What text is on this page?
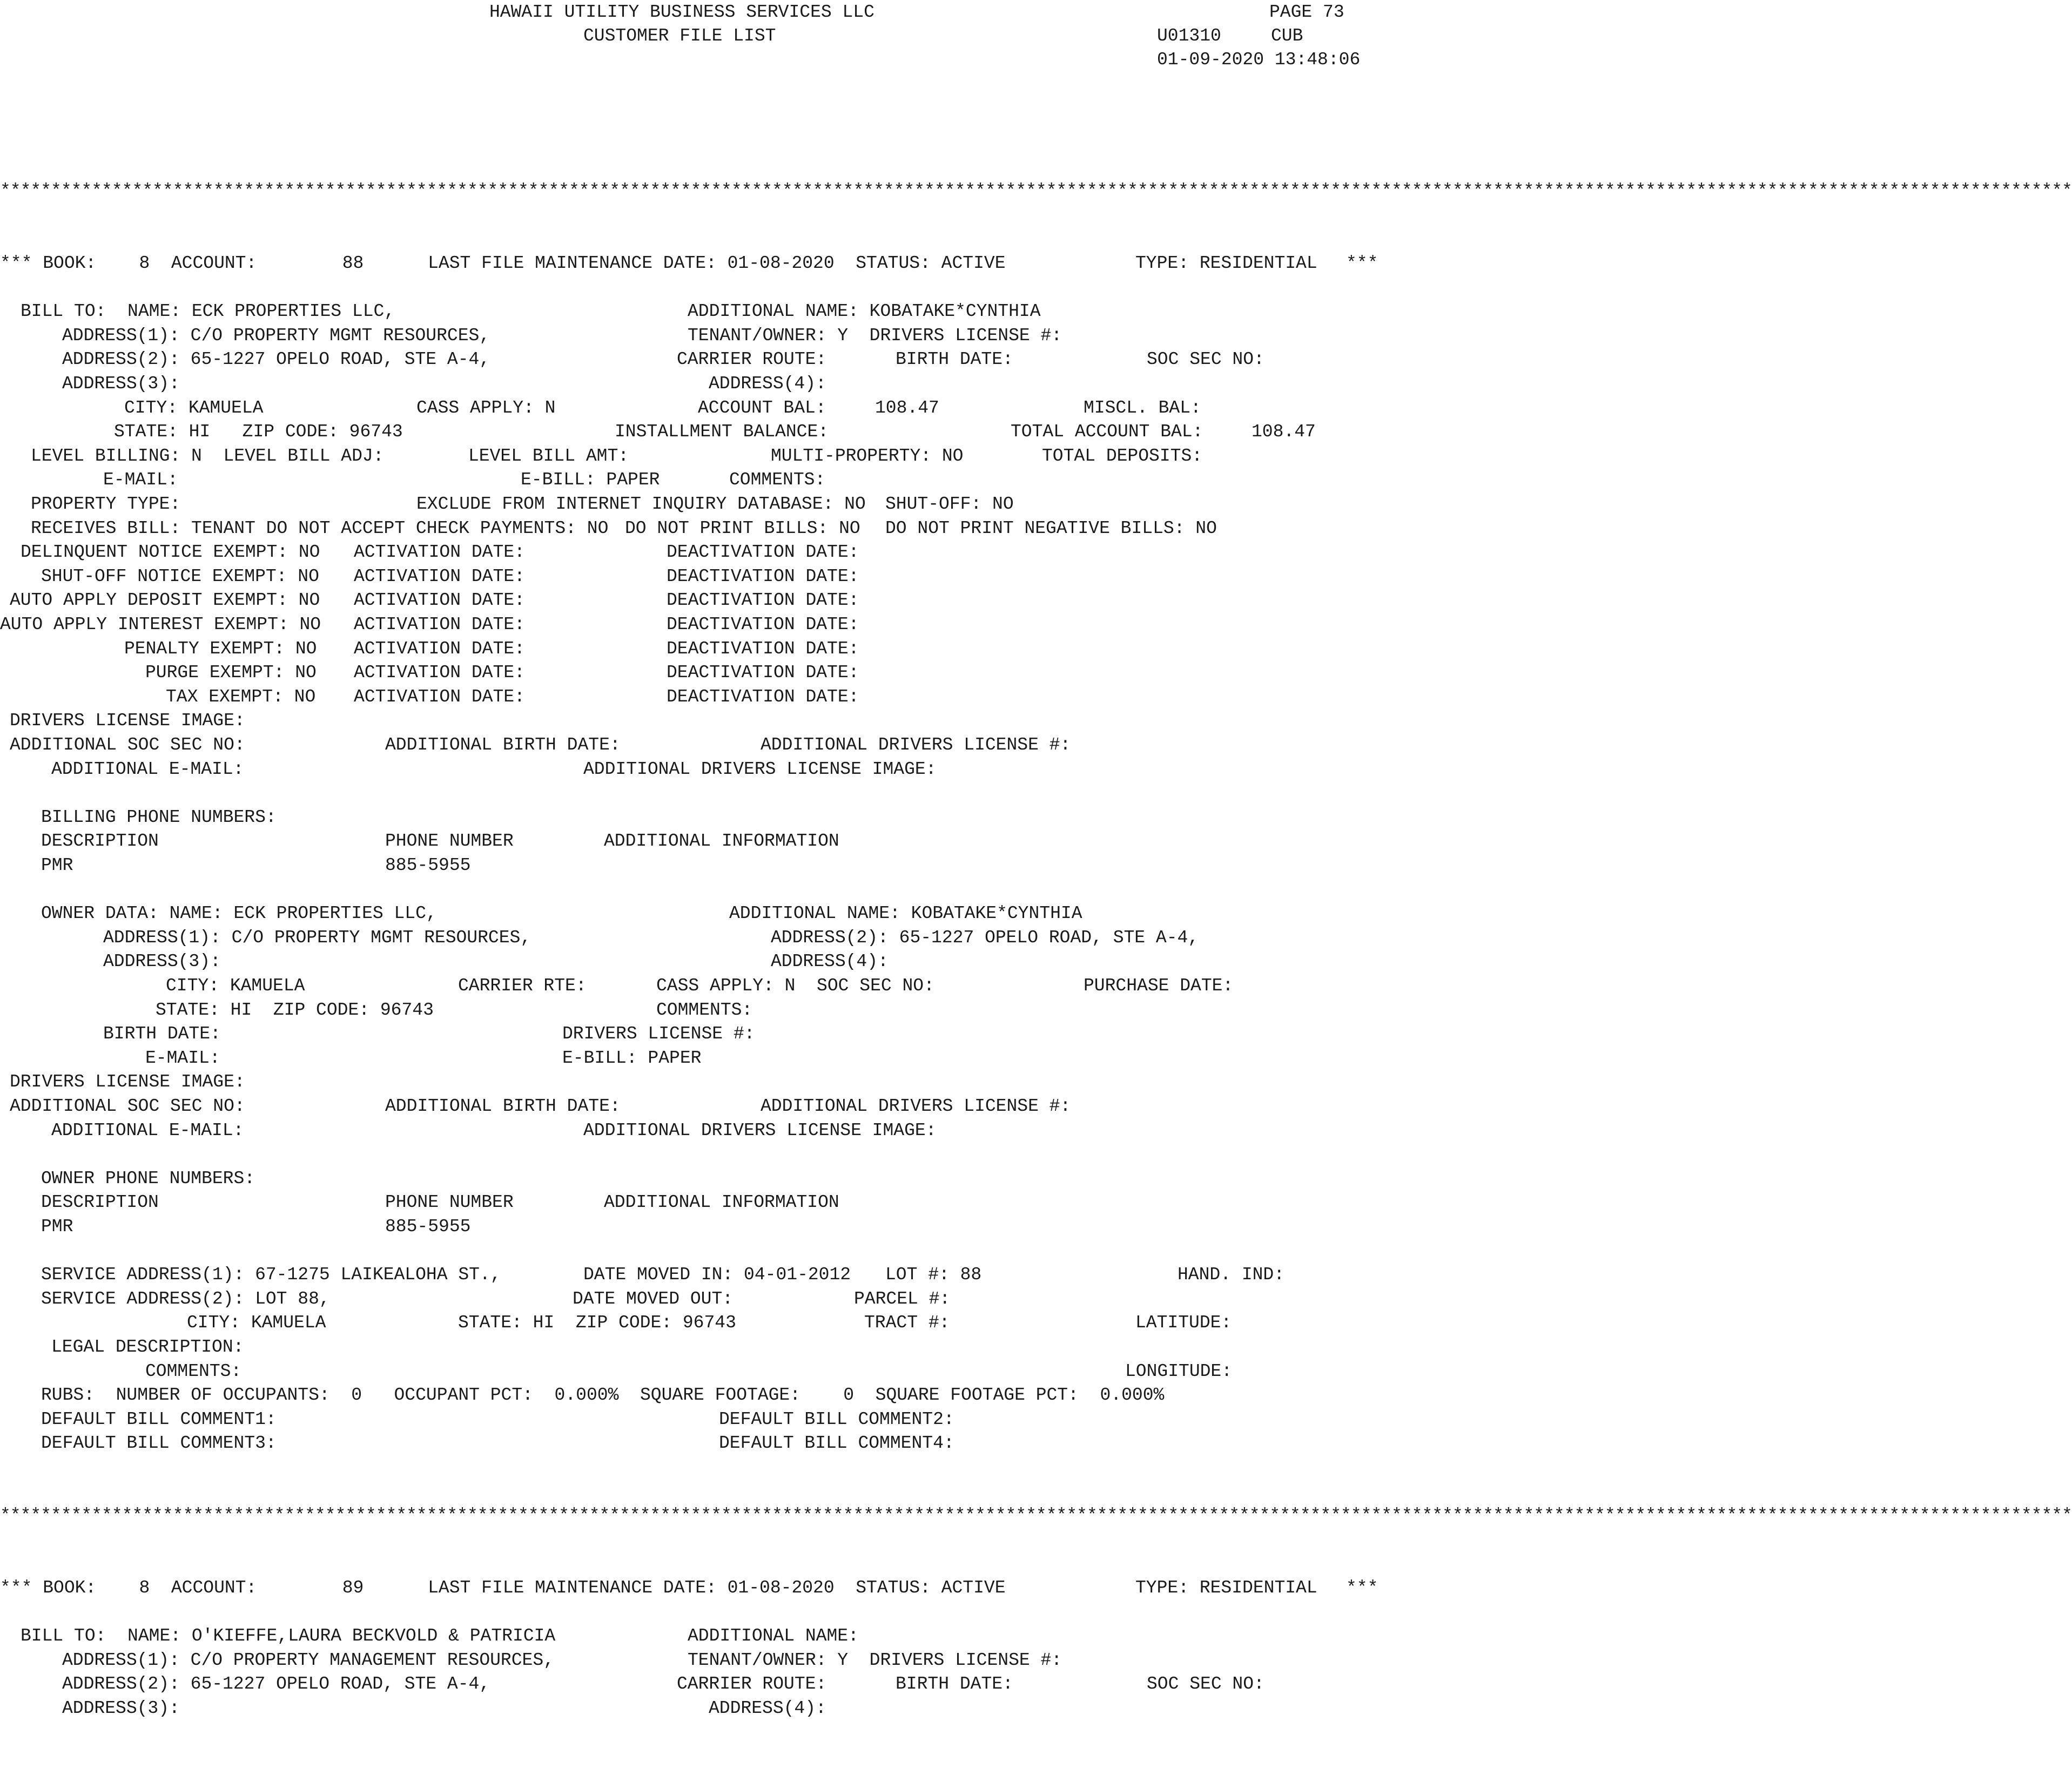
HAWAII UTILITY BUSINESS SERVICES LLC
CUSTOMER FILE LIST
PAGE 73
U01310	CUB
01-09-2020 13:48:06
************************************************************************************************************************************************************************************************************
************************************************************************************************************************************************************************************************************
*** BOOK:    8  ACCOUNT:        88      LAST FILE MAINTENANCE DATE: 01-08-2020  STATUS: ACTIVE	TYPE: RESIDENTIAL ***
BILL TO:  NAME: ECK PROPERTIES LLC,	ADDITIONAL NAME: KOBATAKE*CYNTHIA
ADDRESS(1): C/O PROPERTY MGMT RESOURCES,	TENANT/OWNER: Y  DRIVERS LICENSE #:
ADDRESS(2): 65-1227 OPELO ROAD, STE A-4,	CARRIER ROUTE:	BIRTH DATE:	SOC SEC NO:
ADDRESS(3):	ADDRESS(4):
CITY: KAMUELA	CASS APPLY: N	ACCOUNT BAL:	108.47	MISCL. BAL:
STATE: HI   ZIP CODE: 96743	INSTALLMENT BALANCE:	TOTAL ACCOUNT BAL:	108.47
LEVEL BILLING: N  LEVEL BILL ADJ:	LEVEL BILL AMT:	MULTI-PROPERTY: NO	TOTAL DEPOSITS:
E-MAIL:	E-BILL: PAPER	COMMENTS:
PROPERTY TYPE:	EXCLUDE FROM INTERNET INQUIRY DATABASE: NO SHUT-OFF: NO
RECEIVES BILL: TENANT DO NOT ACCEPT CHECK PAYMENTS: NO DO NOT PRINT BILLS: NO DO NOT PRINT NEGATIVE BILLS: NO
DELINQUENT NOTICE EXEMPT: NO ACTIVATION DATE:	DEACTIVATION DATE:
SHUT-OFF NOTICE EXEMPT: NO ACTIVATION DATE:	DEACTIVATION DATE:
AUTO APPLY DEPOSIT EXEMPT: NO ACTIVATION DATE:	DEACTIVATION DATE:
AUTO APPLY INTEREST EXEMPT: NO ACTIVATION DATE:	DEACTIVATION DATE:
PENALTY EXEMPT: NO ACTIVATION DATE:	DEACTIVATION DATE:
PURGE EXEMPT: NO ACTIVATION DATE:	DEACTIVATION DATE:
TAX EXEMPT: NO ACTIVATION DATE:	DEACTIVATION DATE:
DRIVERS LICENSE IMAGE:
ADDITIONAL SOC SEC NO:	ADDITIONAL BIRTH DATE:	ADDITIONAL DRIVERS LICENSE #:
ADDITIONAL E-MAIL:	ADDITIONAL DRIVERS LICENSE IMAGE:
BILLING PHONE NUMBERS:
DESCRIPTION	PHONE NUMBER	ADDITIONAL INFORMATION
PMR	885-5955
OWNER DATA: NAME: ECK PROPERTIES LLC,	ADDITIONAL NAME: KOBATAKE*CYNTHIA
ADDRESS(1): C/O PROPERTY MGMT RESOURCES,	ADDRESS(2): 65-1227 OPELO ROAD, STE A-4,
ADDRESS(3):	ADDRESS(4):
CITY: KAMUELA	CARRIER RTE:	CASS APPLY: N  SOC SEC NO:	PURCHASE DATE:
STATE: HI  ZIP CODE: 96743	COMMENTS:
BIRTH DATE:	DRIVERS LICENSE #:
E-MAIL:	E-BILL: PAPER
DRIVERS LICENSE IMAGE:
ADDITIONAL SOC SEC NO:	ADDITIONAL BIRTH DATE:	ADDITIONAL DRIVERS LICENSE #:
ADDITIONAL E-MAIL:	ADDITIONAL DRIVERS LICENSE IMAGE:
OWNER PHONE NUMBERS:
DESCRIPTION	PHONE NUMBER	ADDITIONAL INFORMATION
PMR	885-5955
SERVICE ADDRESS(1): 67-1275 LAIKEALOHA ST.,	DATE MOVED IN: 04-01-2012 LOT #: 88	HAND. IND:
SERVICE ADDRESS(2): LOT 88,	DATE MOVED OUT:	PARCEL #:
CITY: KAMUELA	STATE: HI  ZIP CODE: 96743	TRACT #:	LATITUDE:
LEGAL DESCRIPTION:
COMMENTS:	LONGITUDE:
RUBS:  NUMBER OF OCCUPANTS:  0   OCCUPANT PCT:  0.000%  SQUARE FOOTAGE:    0  SQUARE FOOTAGE PCT:  0.000%
DEFAULT BILL COMMENT1:	DEFAULT BILL COMMENT2:
DEFAULT BILL COMMENT3:	DEFAULT BILL COMMENT4:
*** BOOK:    8  ACCOUNT:        89      LAST FILE MAINTENANCE DATE: 01-08-2020  STATUS: ACTIVE	TYPE: RESIDENTIAL ***
BILL TO:  NAME: O'KIEFFE,LAURA BECKVOLD & PATRICIA	ADDITIONAL NAME:
ADDRESS(1): C/O PROPERTY MANAGEMENT RESOURCES,	TENANT/OWNER: Y  DRIVERS LICENSE #:
ADDRESS(2): 65-1227 OPELO ROAD, STE A-4,	CARRIER ROUTE:	BIRTH DATE:	SOC SEC NO:
ADDRESS(3):	ADDRESS(4):
